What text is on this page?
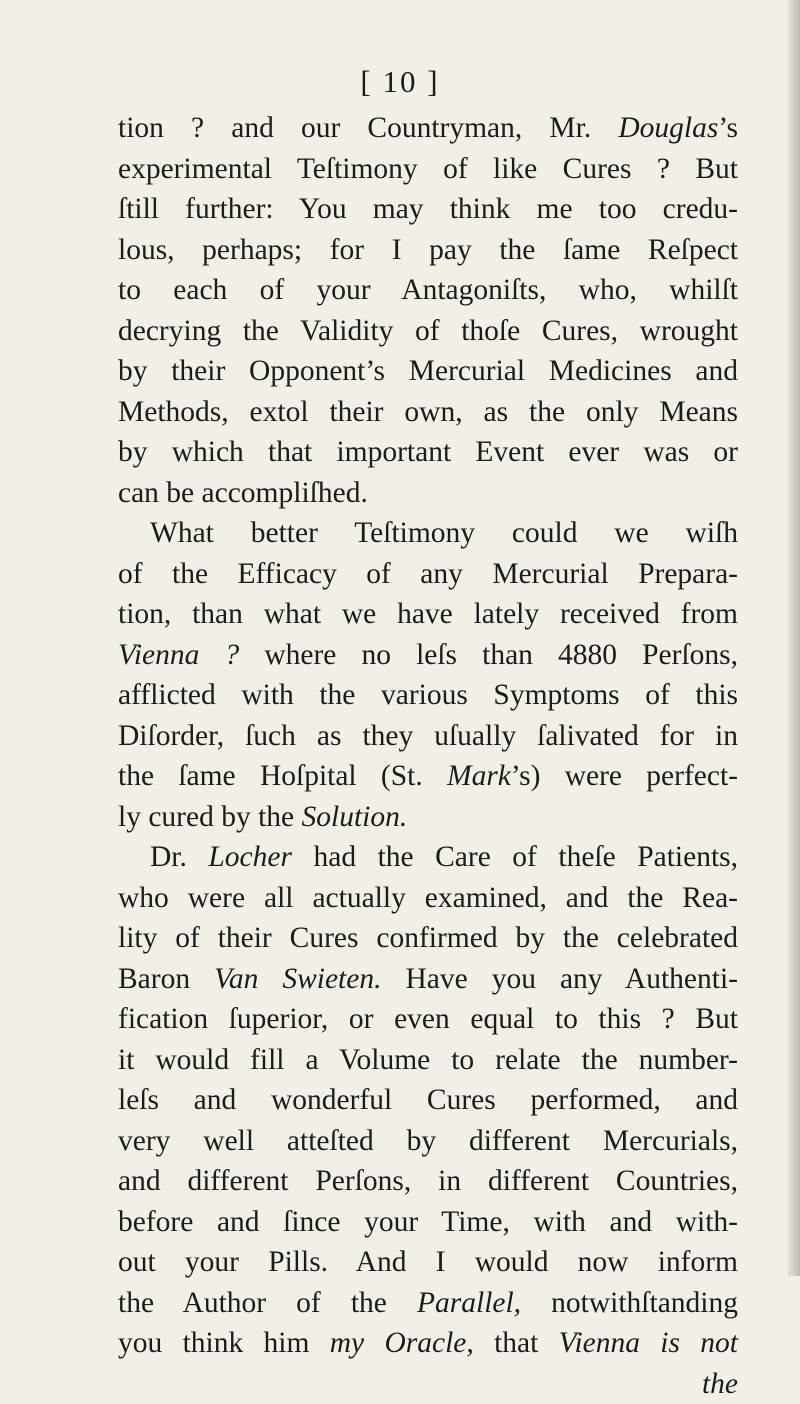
[ 10 ]
tion ? and our Countryman, Mr. Douglas’s
experimental Teſtimony of like Cures ? But
ſtill further: You may think me too credu-
lous, perhaps; for I pay the ſame Reſpect
to each of your Antagoniſts, who, whilſt
decrying the Validity of thoſe Cures, wrought
by their Opponent’s Mercurial Medicines and
Methods, extol their own, as the only Means
by which that important Event ever was or
can be accompliſhed.
What better Teſtimony could we wiſh
of the Efficacy of any Mercurial Prepara-
tion, than what we have lately received from
Vienna ? where no leſs than 4880 Perſons,
afflicted with the various Symptoms of this
Diſorder, ſuch as they uſually ſalivated for in
the ſame Hoſpital (St. Mark’s) were perfect-
ly cured by the Solution.
Dr. Locher had the Care of theſe Patients,
who were all actually examined, and the Rea-
lity of their Cures confirmed by the celebrated
Baron Van Swieten. Have you any Authenti-
fication ſuperior, or even equal to this ? But
it would fill a Volume to relate the number-
leſs and wonderful Cures performed, and
very well atteſted by different Mercurials,
and different Perſons, in different Countries,
before and ſince your Time, with and with-
out your Pills. And I would now inform
the Author of the Parallel, notwithſtanding
you think him my Oracle, that Vienna is not
the
